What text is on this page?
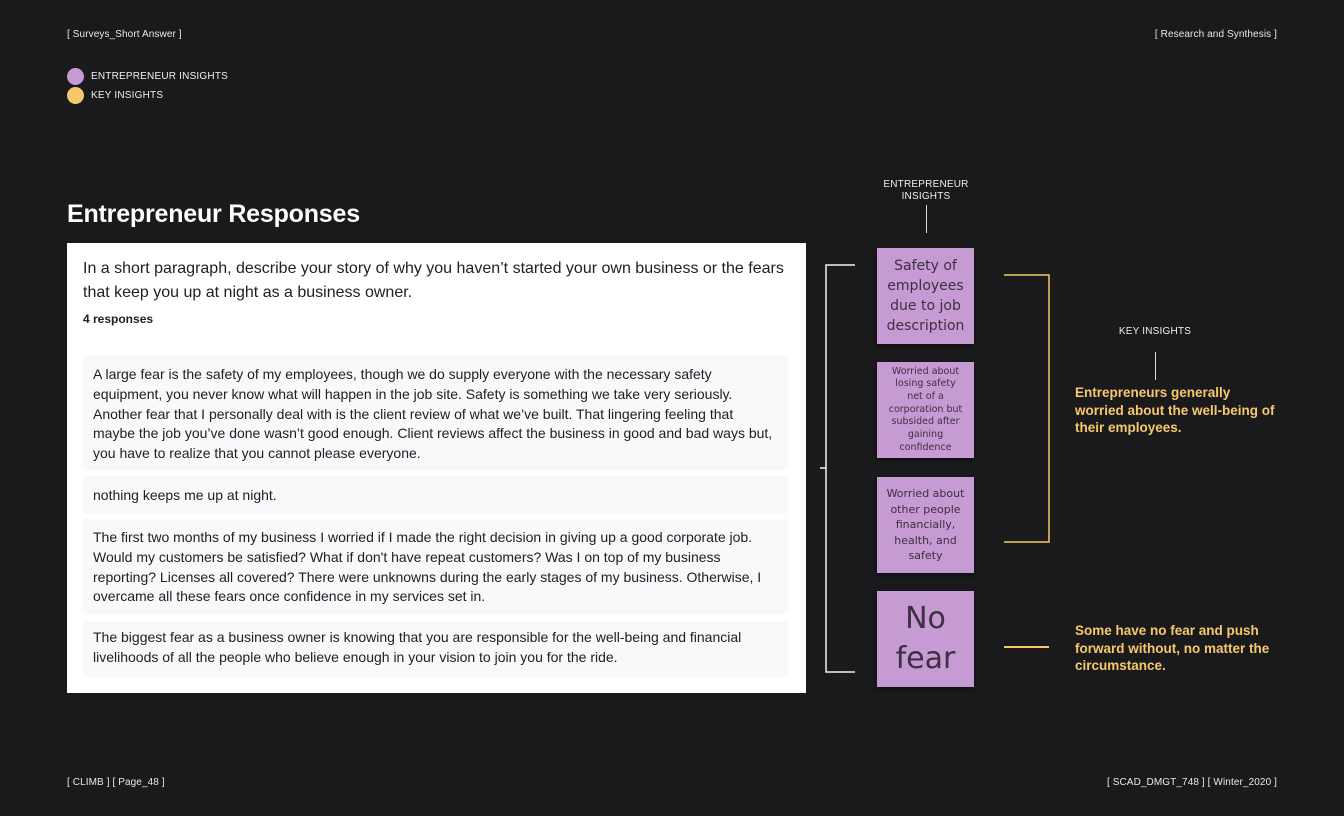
[ Surveys_Short Answer ]	[ Research and Synthesis ]
ENTREPRENEUR INSIGHTS
KEY INSIGHTS
Entrepreneur Responses
In a short paragraph, describe your story of why you haven’t started your own business or the fears that keep you up at night as a business owner.
4 responses
A large fear is the safety of my employees, though we do supply everyone with the necessary safety equipment, you never know what will happen in the job site. Safety is something we take very seriously. Another fear that I personally deal with is the client review of what we’ve built. That lingering feeling that maybe the job you’ve done wasn’t good enough. Client reviews affect the business in good and bad ways but, you have to realize that you cannot please everyone.
nothing keeps me up at night.
The first two months of my business I worried if I made the right decision in giving up a good corporate job. Would my customers be satisfied? What if don't have repeat customers? Was I on top of my business reporting? Licenses all covered? There were unknowns during the early stages of my business. Otherwise, I overcame all these fears once confidence in my services set in.
The biggest fear as a business owner is knowing that you are responsible for the well-being and financial livelihoods of all the people who believe enough in your vision to join you for the ride.
ENTREPRENEUR INSIGHTS
Safety of employees due to job description
Worried about losing safety net of a corporation but subsided after gaining confidence
Worried about other people financially, health, and safety
No fear
KEY INSIGHTS
Entrepreneurs generally worried about the well-being of their employees.
Some have no fear and push forward without, no matter the circumstance.
[ CLIMB ] [ Page_48 ]	[ SCAD_DMGT_748 ] [ Winter_2020 ]
